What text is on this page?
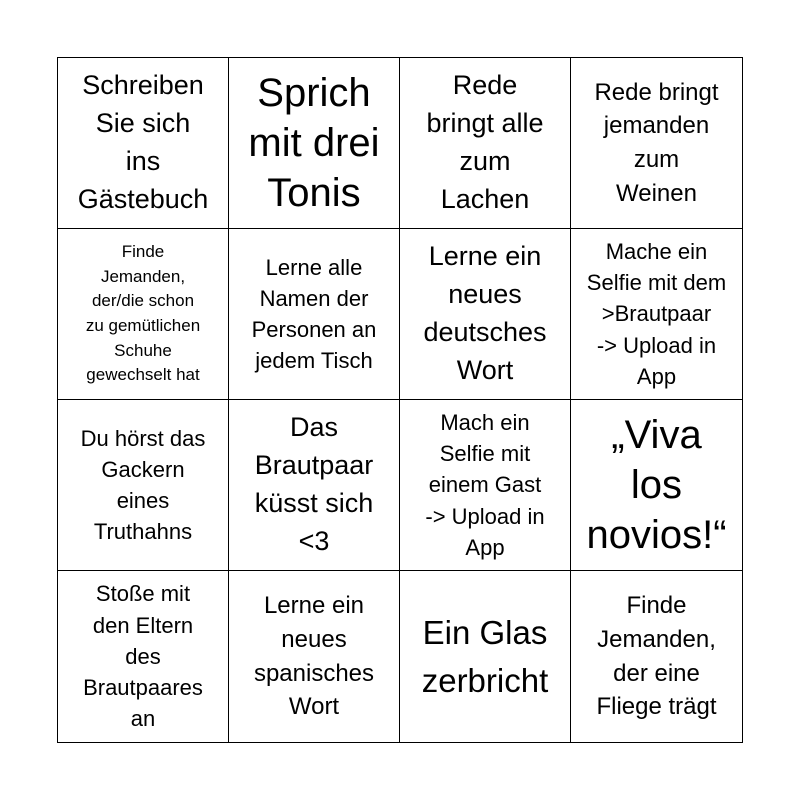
Schreiben
Sie sich
ins
Gästebuch
Sprich
mit drei
Tonis
Rede
bringt alle
zum
Lachen
Rede bringt
jemanden
zum
Weinen
Finde
Jemanden,
der/die schon
zu gemütlichen
Schuhe
gewechselt hat
Lerne alle
Namen der
Personen an
jedem Tisch
Lerne ein
neues
deutsches
Wort
Mache ein
Selfie mit dem
>Brautpaar
-> Upload in
App
Du hörst das
Gackern
eines
Truthahns
Das
Brautpaar
küsst sich
<3
Mach ein
Selfie mit
einem Gast
-> Upload in
App
„Viva
los
novios!“
Stoße mit
den Eltern
des
Brautpaares
an
Lerne ein
neues
spanisches
Wort
Ein Glas
zerbricht
Finde
Jemanden,
der eine
Fliege trägt
